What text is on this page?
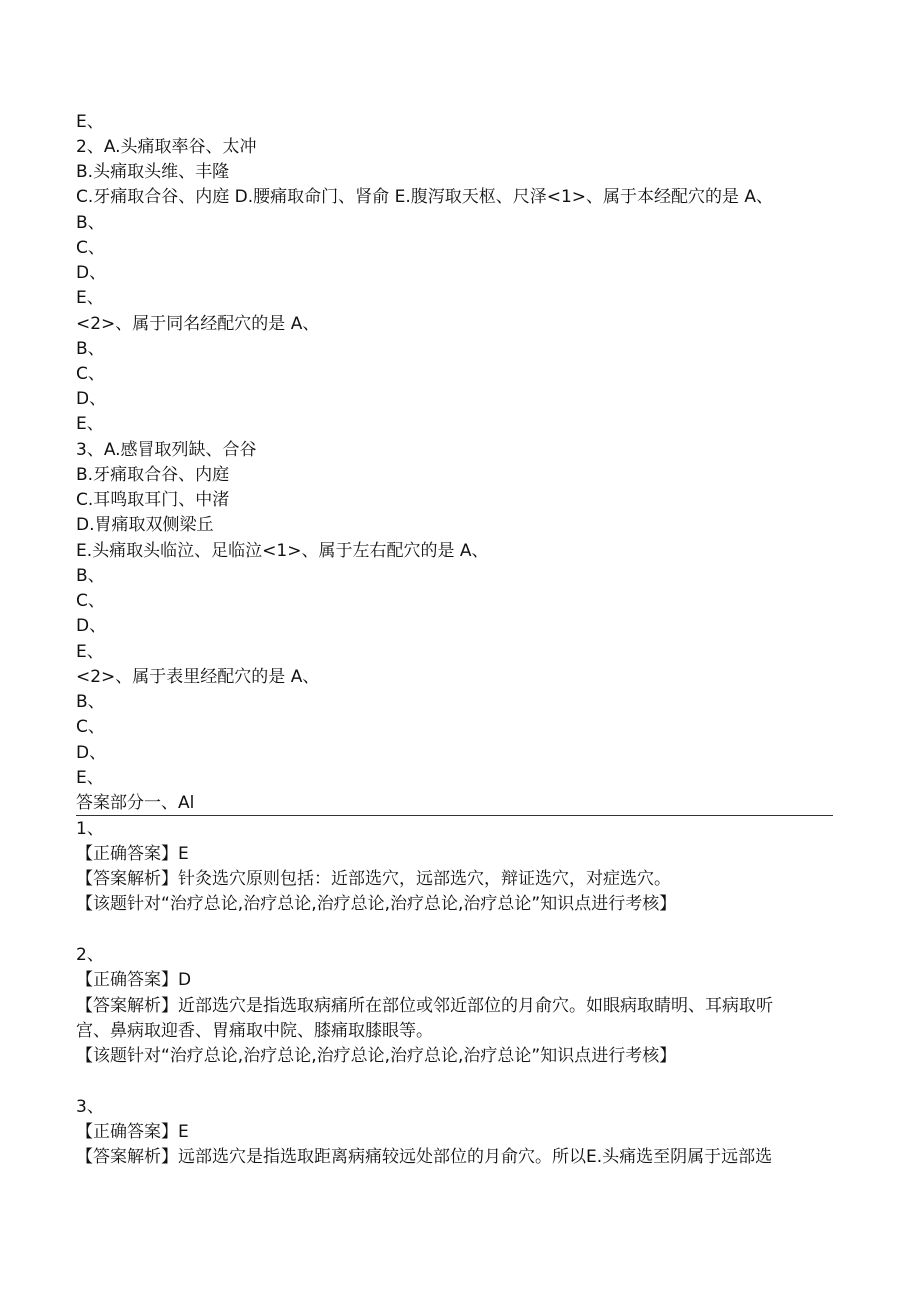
E、
2、A.头痛取率谷、太冲
B.头痛取头维、丰隆
C.牙痛取合谷、内庭 D.腰痛取命门、肾俞 E.腹泻取天枢、尺泽<1>、属于本经配穴的是 A、
B、
C、
D、
E、
<2>、属于同名经配穴的是 A、
B、
C、
D、
E、
3、A.感冒取列缺、合谷
B.牙痛取合谷、内庭
C.耳鸣取耳门、中渚
D.胃痛取双侧梁丘
E.头痛取头临泣、足临泣<1>、属于左右配穴的是 A、
B、
C、
D、
E、
<2>、属于表里经配穴的是 A、
B、
C、
D、
E、
答案部分一、Al
1、
【正确答案】E
【答案解析】针灸选穴原则包括：近部选穴，远部选穴，辩证选穴，对症选穴。
【该题针对“治疗总论,治疗总论,治疗总论,治疗总论,治疗总论”知识点进行考核】
2、
【正确答案】D
【答案解析】近部选穴是指选取病痛所在部位或邻近部位的月俞穴。如眼病取睛明、耳病取听
宫、鼻病取迎香、胃痛取中院、膝痛取膝眼等。
【该题针对“治疗总论,治疗总论,治疗总论,治疗总论,治疗总论”知识点进行考核】
3、
【正确答案】E
【答案解析】远部选穴是指选取距离病痛较远处部位的月俞穴。所以E.头痛选至阴属于远部选
